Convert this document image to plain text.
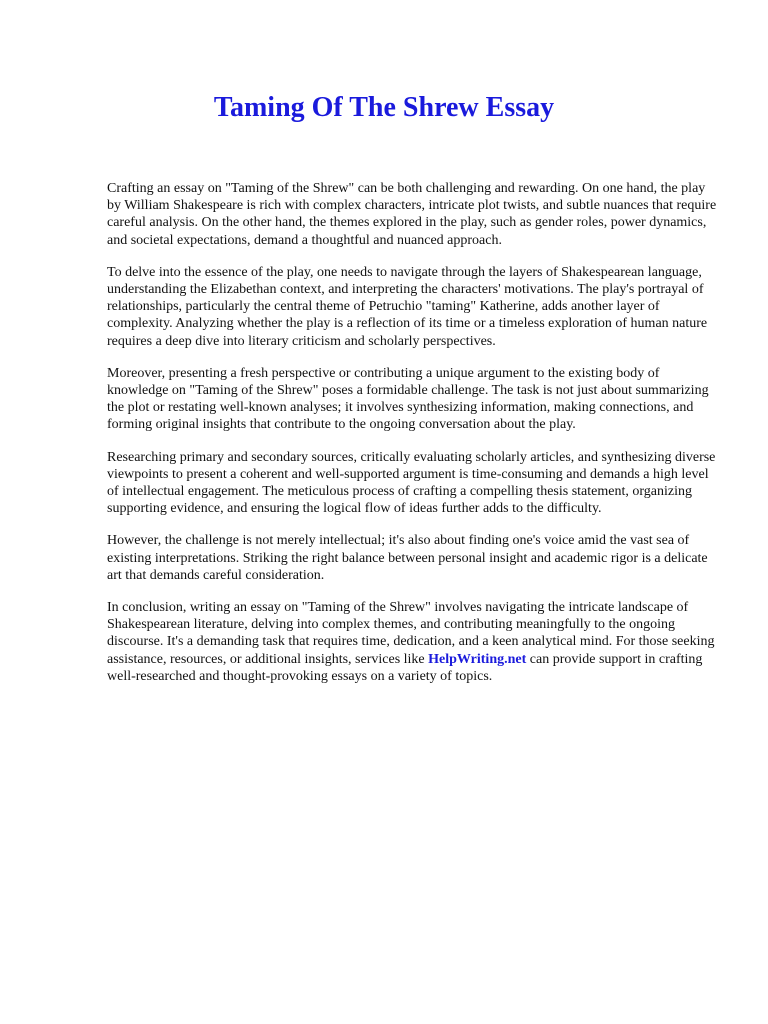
Taming Of The Shrew Essay

Crafting an essay on "Taming of the Shrew" can be both challenging and rewarding. On one hand, the play by William Shakespeare is rich with complex characters, intricate plot twists, and subtle nuances that require careful analysis. On the other hand, the themes explored in the play, such as gender roles, power dynamics, and societal expectations, demand a thoughtful and nuanced approach.

To delve into the essence of the play, one needs to navigate through the layers of Shakespearean language, understanding the Elizabethan context, and interpreting the characters' motivations. The play's portrayal of relationships, particularly the central theme of Petruchio "taming" Katherine, adds another layer of complexity. Analyzing whether the play is a reflection of its time or a timeless exploration of human nature requires a deep dive into literary criticism and scholarly perspectives.

Moreover, presenting a fresh perspective or contributing a unique argument to the existing body of knowledge on "Taming of the Shrew" poses a formidable challenge. The task is not just about summarizing the plot or restating well-known analyses; it involves synthesizing information, making connections, and forming original insights that contribute to the ongoing conversation about the play.

Researching primary and secondary sources, critically evaluating scholarly articles, and synthesizing diverse viewpoints to present a coherent and well-supported argument is time-consuming and demands a high level of intellectual engagement. The meticulous process of crafting a compelling thesis statement, organizing supporting evidence, and ensuring the logical flow of ideas further adds to the difficulty.

However, the challenge is not merely intellectual; it's also about finding one's voice amid the vast sea of existing interpretations. Striking the right balance between personal insight and academic rigor is a delicate art that demands careful consideration.

In conclusion, writing an essay on "Taming of the Shrew" involves navigating the intricate landscape of Shakespearean literature, delving into complex themes, and contributing meaningfully to the ongoing discourse. It's a demanding task that requires time, dedication, and a keen analytical mind. For those seeking assistance, resources, or additional insights, services like HelpWriting.net can provide support in crafting well-researched and thought-provoking essays on a variety of topics.
